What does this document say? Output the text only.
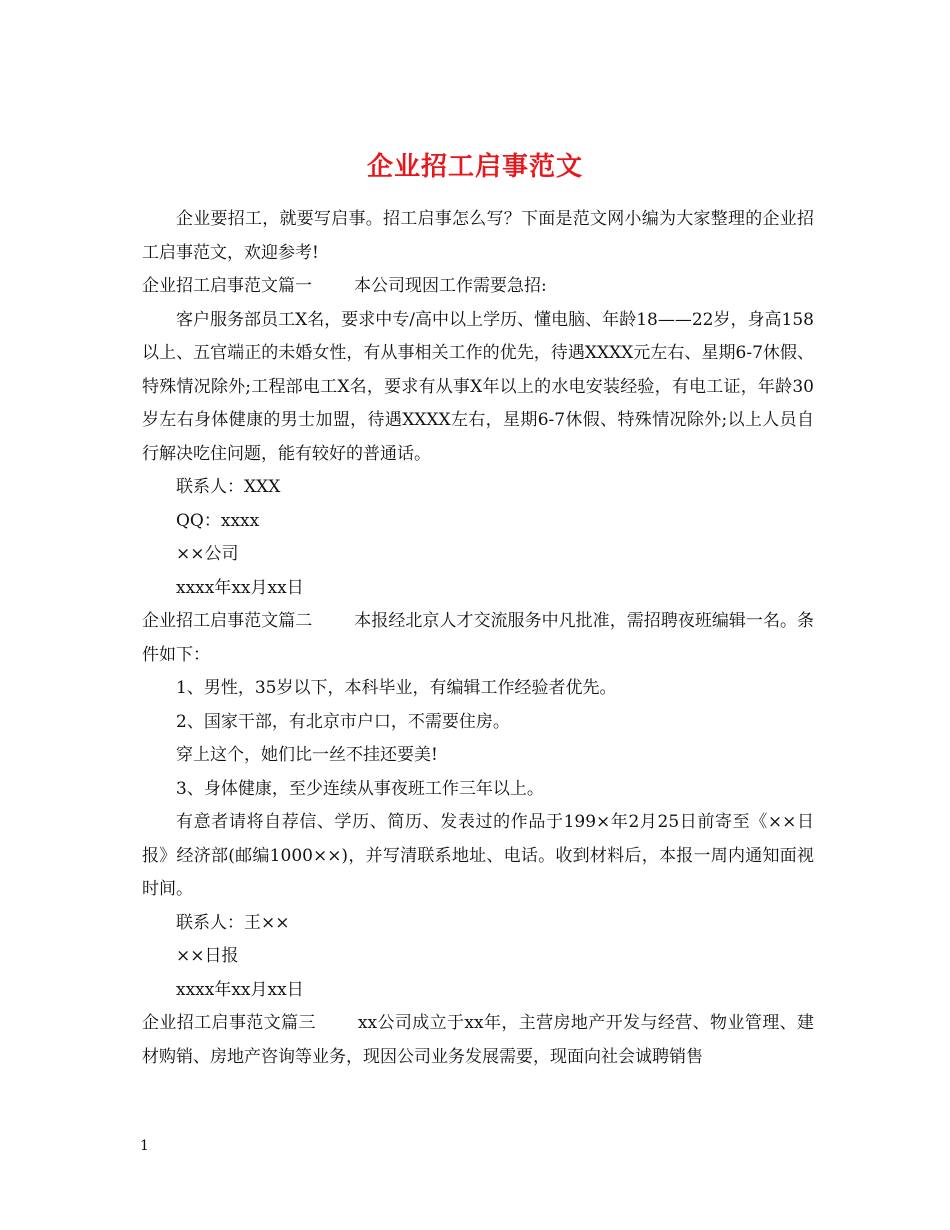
企业招工启事范文

企业要招工，就要写启事。招工启事怎么写？下面是范文网小编为大家整理的企业招工启事范文，欢迎参考!

企业招工启事范文篇一 本公司现因工作需要急招:

客户服务部员工X名，要求中专/高中以上学历、懂电脑、年龄18——22岁，身高158以上、五官端正的未婚女性，有从事相关工作的优先，待遇XXXX元左右、星期6-7休假、特殊情况除外;工程部电工X名，要求有从事X年以上的水电安装经验，有电工证，年龄30岁左右身体健康的男士加盟，待遇XXXX左右，星期6-7休假、特殊情况除外;以上人员自行解决吃住问题，能有较好的普通话。

联系人：XXX

QQ：xxxx

××公司

xxxx年xx月xx日

企业招工启事范文篇二 本报经北京人才交流服务中凡批准，需招聘夜班编辑一名。条件如下：

1、男性，35岁以下，本科毕业，有编辑工作经验者优先。

2、国家干部，有北京市户口，不需要住房。

穿上这个，她们比一丝不挂还要美!

3、身体健康，至少连续从事夜班工作三年以上。

有意者请将自荐信、学历、简历、发表过的作品于199×年2月25日前寄至《××日报》经济部(邮编1000××)，并写清联系地址、电话。收到材料后，本报一周内通知面视时间。

联系人：王××

××日报

xxxx年xx月xx日

企业招工启事范文篇三 xx公司成立于xx年，主营房地产开发与经营、物业管理、建材购销、房地产咨询等业务，现因公司业务发展需要，现面向社会诚聘销售

1
